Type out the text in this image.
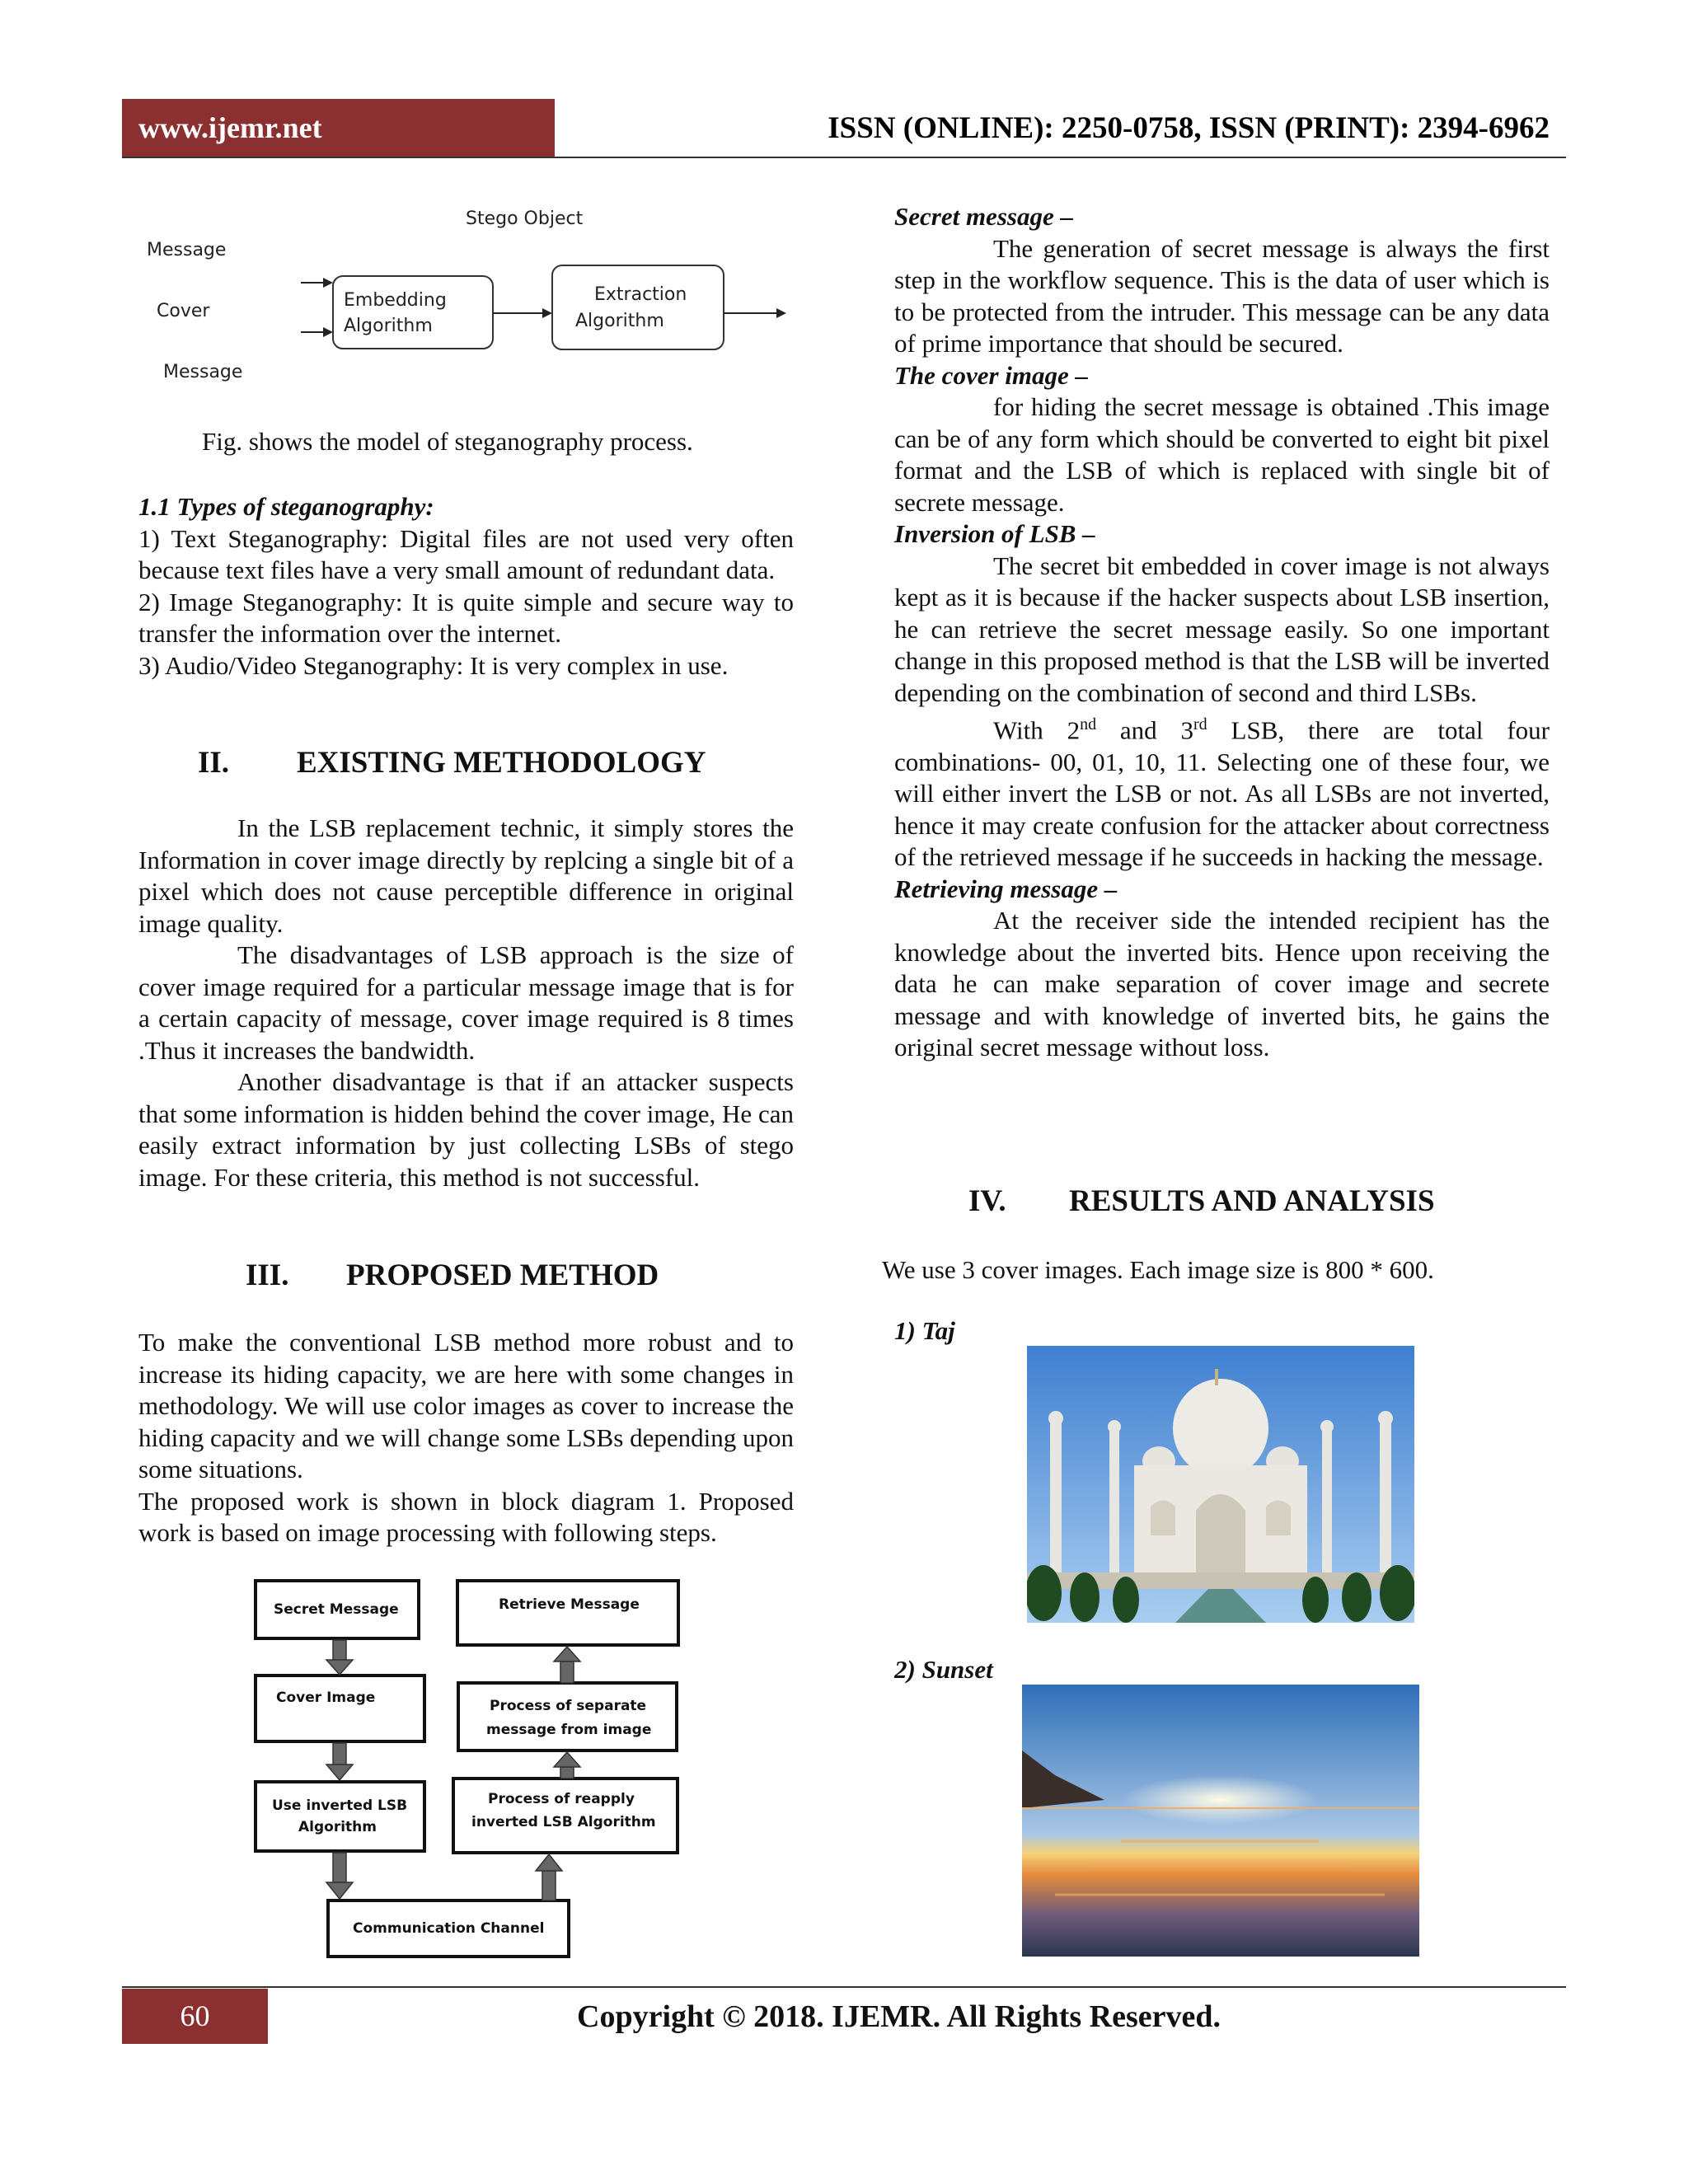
www.ijemr.net	ISSN (ONLINE): 2250-0758, ISSN (PRINT): 2394-6962
Stego Object
Message
Cover
Message
Embedding
Algorithm
Extraction
Algorithm
Fig. shows the model of steganography process.

1.1 Types of steganography:

1) Text Steganography: Digital files are not used very often because text files have a very small amount of redundant data.

2) Image Steganography: It is quite simple and secure way to transfer the information over the internet.

3) Audio/Video Steganography: It is very complex in use.

II. EXISTING METHODOLOGY

In the LSB replacement technic, it simply stores the Information in cover image directly by replcing a single bit of a pixel which does not cause perceptible difference in original image quality.

The disadvantages of LSB approach is the size of cover image required for a particular message image that is for a certain capacity of message, cover image required is 8 times .Thus it increases the bandwidth.

Another disadvantage is that if an attacker suspects that some information is hidden behind the cover image, He can easily extract information by just collecting LSBs of stego image. For these criteria, this method is not successful.

III. PROPOSED METHOD

To make the conventional LSB method more robust and to increase its hiding capacity, we are here with some changes in methodology. We will use color images as cover to increase the hiding capacity and we will change some LSBs depending upon some situations.

The proposed work is shown in block diagram 1. Proposed work is based on image processing with following steps.

Secret Message	Retrieve Message
Cover Image	Process of separate
message from image
Use inverted LSB
Algorithm
Process of reapply
inverted LSB Algorithm
Communication Channel

Secret message –

The generation of secret message is always the first step in the workflow sequence. This is the data of user which is to be protected from the intruder. This message can be any data of prime importance that should be secured.

The cover image –

for hiding the secret message is obtained .This image can be of any form which should be converted to eight bit pixel format and the LSB of which is replaced with single bit of secrete message.

Inversion of LSB –

The secret bit embedded in cover image is not always kept as it is because if the hacker suspects about LSB insertion, he can retrieve the secret message easily. So one important change in this proposed method is that the LSB will be inverted depending on the combination of second and third LSBs.

With 2nd and 3rd LSB, there are total four combinations- 00, 01, 10, 11. Selecting one of these four, we will either invert the LSB or not. As all LSBs are not inverted, hence it may create confusion for the attacker about correctness of the retrieved message if he succeeds in hacking the message.

Retrieving message –

At the receiver side the intended recipient has the knowledge about the inverted bits. Hence upon receiving the data he can make separation of cover image and secrete message and with knowledge of inverted bits, he gains the original secret message without loss.

IV. RESULTS AND ANALYSIS

We use 3 cover images. Each image size is 800 * 600.

1) Taj
2) Sunset
60	Copyright © 2018. IJEMR. All Rights Reserved.
